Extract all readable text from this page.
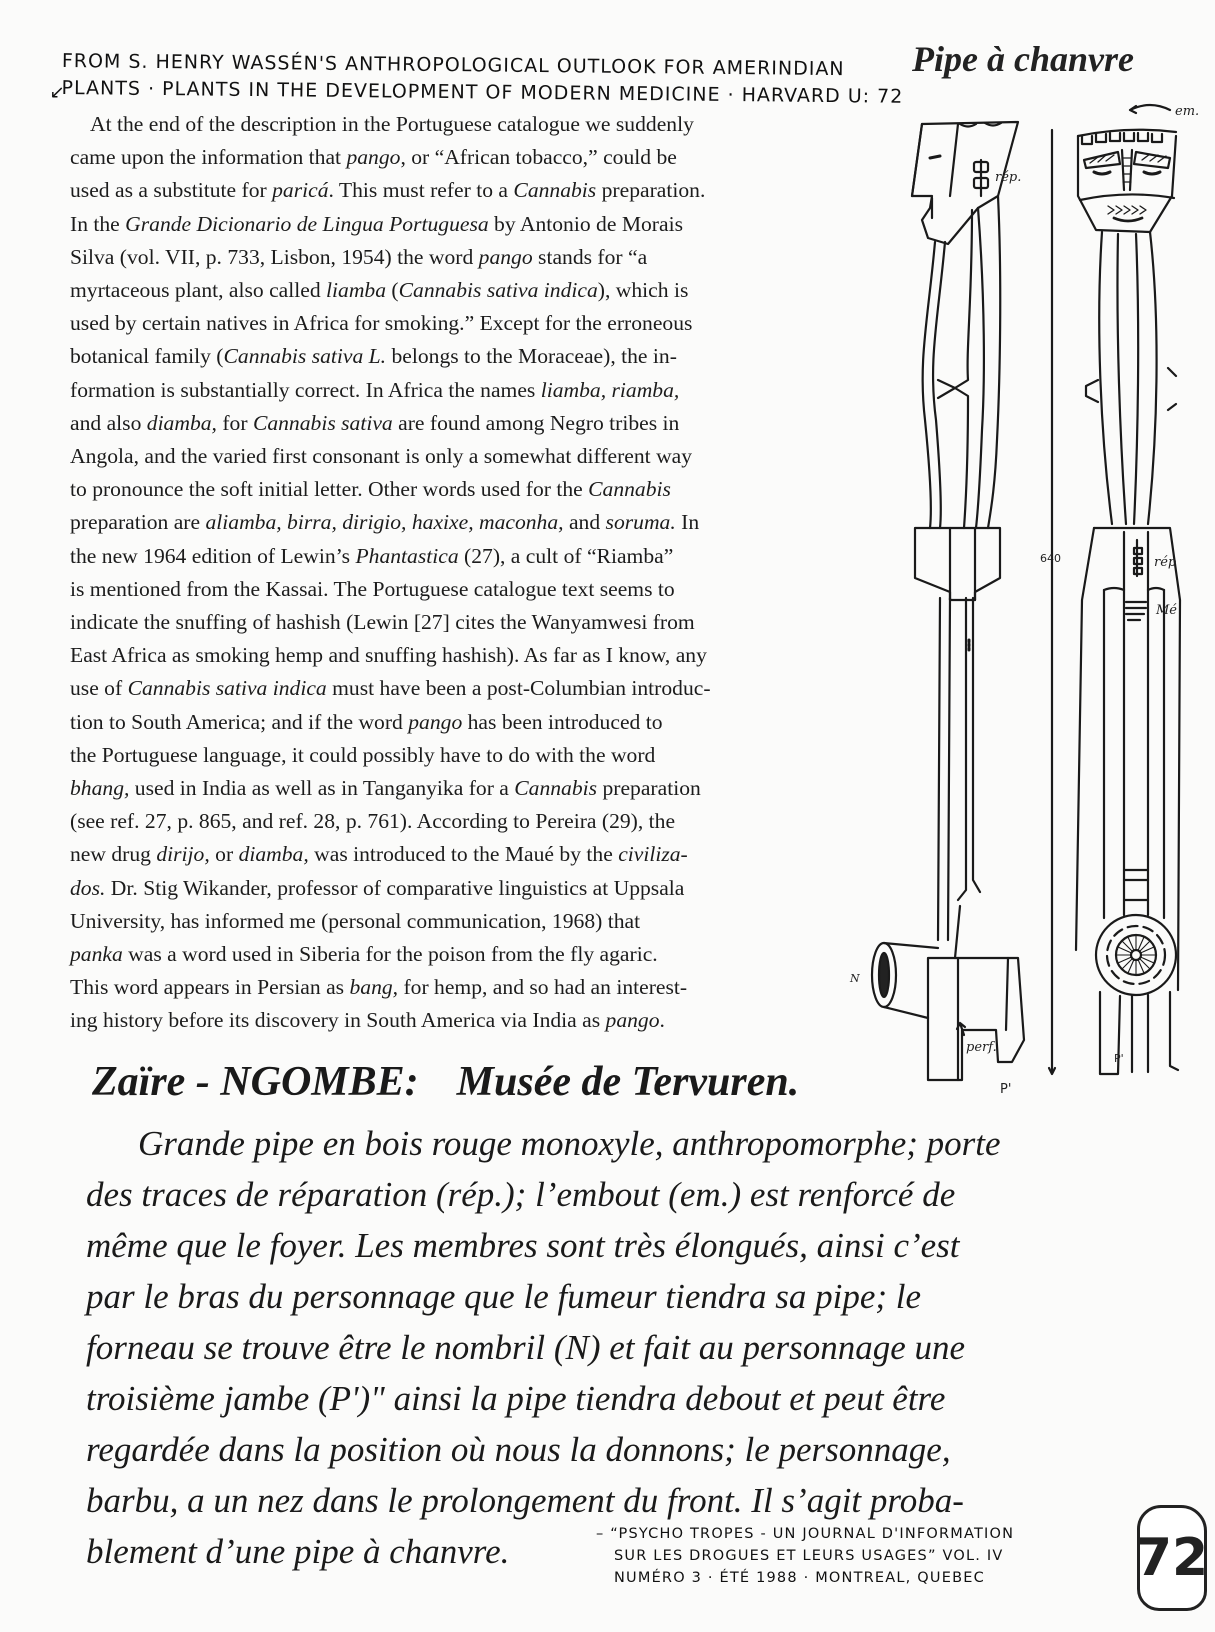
↙
FROM S. HENRY WASSÉN'S ANTHROPOLOGICAL OUTLOOK FOR AMERINDIAN
PLANTS · PLANTS IN THE DEVELOPMENT OF MODERN MEDICINE · HARVARD U: 72
Pipe à chanvre
At the end of the description in the Portuguese catalogue we suddenly
came upon the information that pango, or “African tobacco,” could be
used as a substitute for paricá. This must refer to a Cannabis preparation.
In the Grande Dicionario de Lingua Portuguesa by Antonio de Morais
Silva (vol. VII, p. 733, Lisbon, 1954) the word pango stands for “a
myrtaceous plant, also called liamba (Cannabis sativa indica), which is
used by certain natives in Africa for smoking.” Except for the erroneous
botanical family (Cannabis sativa L. belongs to the Moraceae), the in-
formation is substantially correct. In Africa the names liamba, riamba,
and also diamba, for Cannabis sativa are found among Negro tribes in
Angola, and the varied first consonant is only a somewhat different way
to pronounce the soft initial letter. Other words used for the Cannabis
preparation are aliamba, birra, dirigio, haxixe, maconha, and soruma. In
the new 1964 edition of Lewin’s Phantastica (27), a cult of “Riamba”
is mentioned from the Kassai. The Portuguese catalogue text seems to
indicate the snuffing of hashish (Lewin [27] cites the Wanyamwesi from
East Africa as smoking hemp and snuffing hashish). As far as I know, any
use of Cannabis sativa indica must have been a post-Columbian introduc-
tion to South America; and if the word pango has been introduced to
the Portuguese language, it could possibly have to do with the word
bhang, used in India as well as in Tanganyika for a Cannabis preparation
(see ref. 27, p. 865, and ref. 28, p. 761). According to Pereira (29), the
new drug dirijo, or diamba, was introduced to the Maué by the civiliza-
dos. Dr. Stig Wikander, professor of comparative linguistics at Uppsala
University, has informed me (personal communication, 1968) that
panka was a word used in Siberia for the poison from the fly agaric.
This word appears in Persian as bang, for hemp, and so had an interest-
ing history before its discovery in South America via India as pango.
rép.
em.
640	rép
Mé
N
perf.
P'
P'
Zaïre - NGOMBE: Musée de Tervuren.
Grande pipe en bois rouge monoxyle, anthropomorphe; porte
des traces de réparation (rép.); l’embout (em.) est renforcé de
même que le foyer. Les membres sont très élongués, ainsi c’est
par le bras du personnage que le fumeur tiendra sa pipe; le
forneau se trouve être le nombril (N) et fait au personnage une
troisième jambe (P')" ainsi la pipe tiendra debout et peut être
regardée dans la position où nous la donnons; le personnage,
barbu, a un nez dans le prolongement du front. Il s’agit proba-
blement d’une pipe à chanvre.	– “PSYCHO TROPES - UN JOURNAL D'INFORMATION
SUR LES DROGUES ET LEURS USAGES” VOL. IV
NUMÉRO 3 · ÉTÉ 1988 · MONTREAL, QUEBEC	72
